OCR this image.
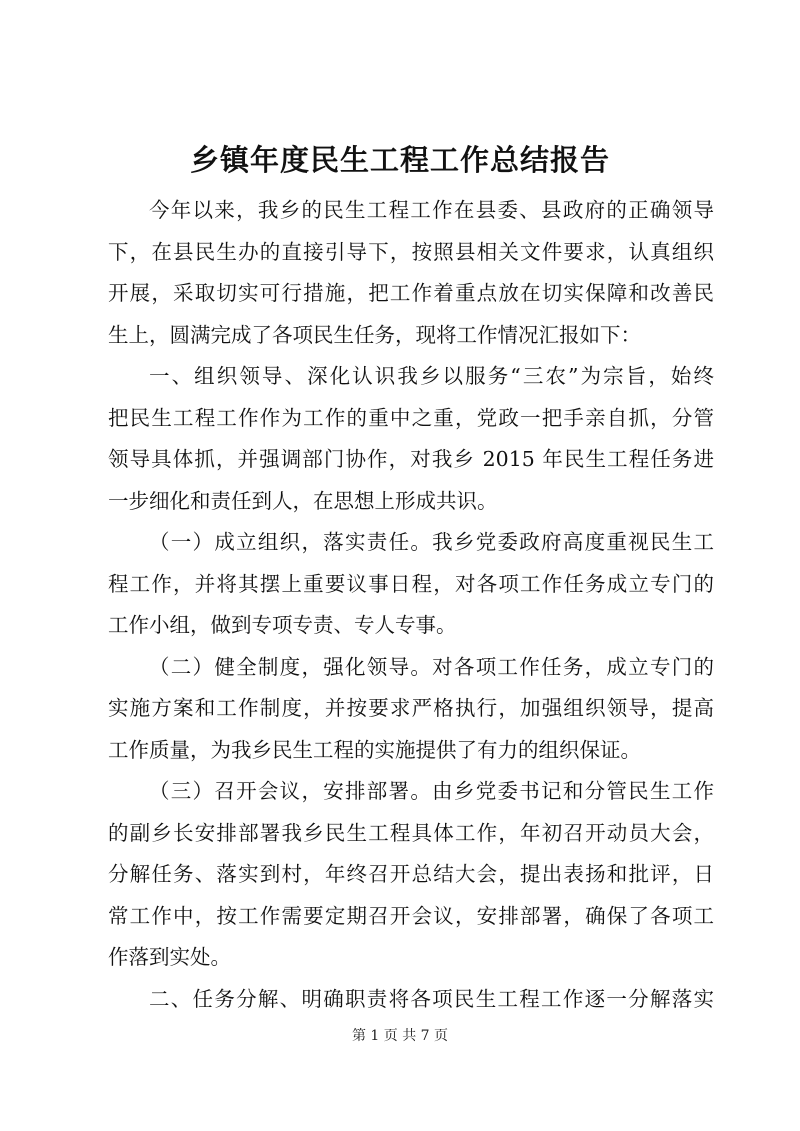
乡镇年度民生工程工作总结报告
今年以来，我乡的民生工程工作在县委、县政府的正确领导
下，在县民生办的直接引导下，按照县相关文件要求，认真组织
开展，采取切实可行措施，把工作着重点放在切实保障和改善民
生上，圆满完成了各项民生任务，现将工作情况汇报如下：
一、组织领导、深化认识我乡以服务“三农”为宗旨，始终
把民生工程工作作为工作的重中之重，党政一把手亲自抓，分管
领导具体抓，并强调部门协作，对我乡 2015 年民生工程任务进
一步细化和责任到人，在思想上形成共识。
（一）成立组织，落实责任。我乡党委政府高度重视民生工
程工作，并将其摆上重要议事日程，对各项工作任务成立专门的
工作小组，做到专项专责、专人专事。
（二）健全制度，强化领导。对各项工作任务，成立专门的
实施方案和工作制度，并按要求严格执行，加强组织领导，提高
工作质量，为我乡民生工程的实施提供了有力的组织保证。
（三）召开会议，安排部署。由乡党委书记和分管民生工作
的副乡长安排部署我乡民生工程具体工作，年初召开动员大会，
分解任务、落实到村，年终召开总结大会，提出表扬和批评，日
常工作中，按工作需要定期召开会议，安排部署，确保了各项工
作落到实处。
二、任务分解、明确职责将各项民生工程工作逐一分解落实
第 1 页 共 7 页
